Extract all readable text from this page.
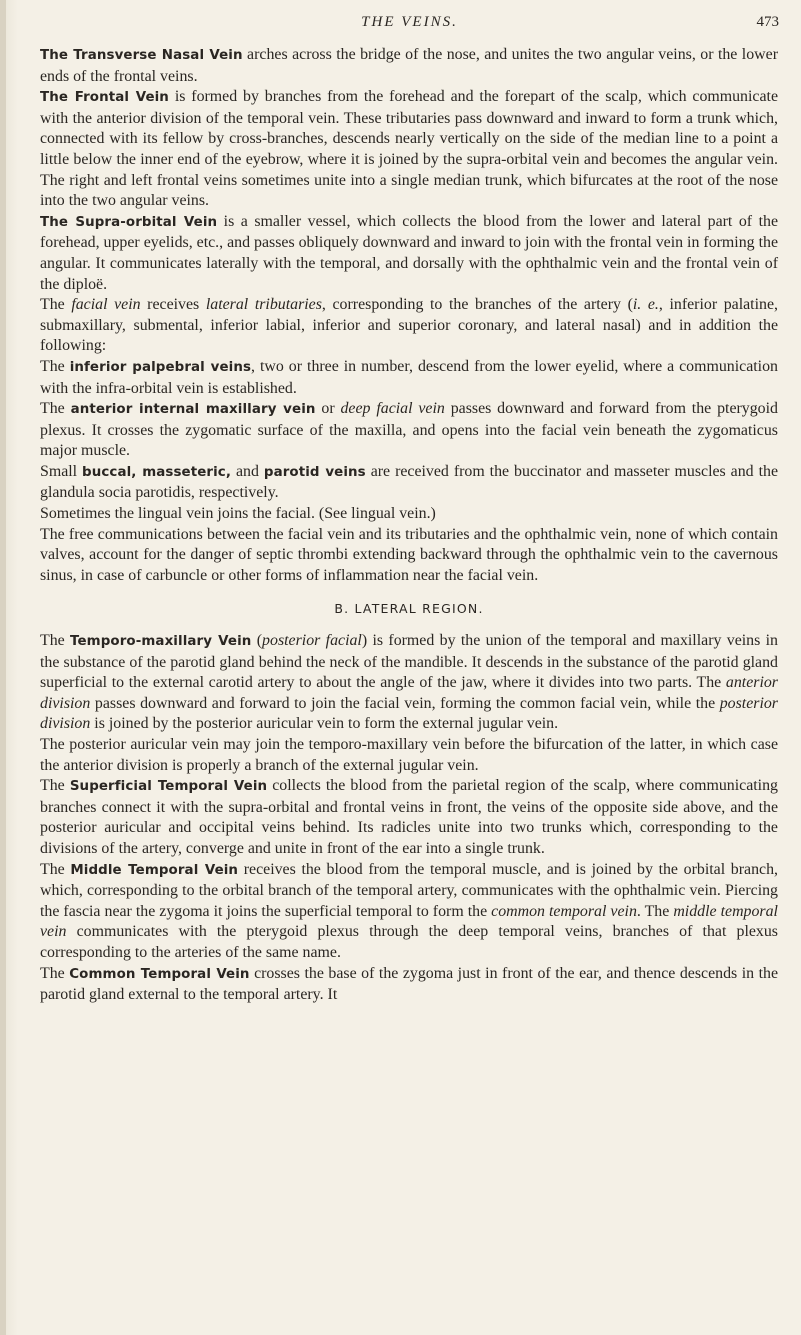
THE VEINS.	473

The Transverse Nasal Vein arches across the bridge of the nose, and unites the two angular veins, or the lower ends of the frontal veins.

The Frontal Vein is formed by branches from the forehead and the forepart of the scalp, which communicate with the anterior division of the temporal vein. These tributaries pass downward and inward to form a trunk which, connected with its fellow by cross-branches, descends nearly vertically on the side of the median line to a point a little below the inner end of the eyebrow, where it is joined by the supra-orbital vein and becomes the angular vein. The right and left frontal veins sometimes unite into a single median trunk, which bifurcates at the root of the nose into the two angular veins.

The Supra-orbital Vein is a smaller vessel, which collects the blood from the lower and lateral part of the forehead, upper eyelids, etc., and passes obliquely downward and inward to join with the frontal vein in forming the angular. It communicates laterally with the temporal, and dorsally with the ophthalmic vein and the frontal vein of the diploë.

The facial vein receives lateral tributaries, corresponding to the branches of the artery (i. e., inferior palatine, submaxillary, submental, inferior labial, inferior and superior coronary, and lateral nasal) and in addition the following:

The inferior palpebral veins, two or three in number, descend from the lower eyelid, where a communication with the infra-orbital vein is established.

The anterior internal maxillary vein or deep facial vein passes downward and forward from the pterygoid plexus. It crosses the zygomatic surface of the maxilla, and opens into the facial vein beneath the zygomaticus major muscle.

Small buccal, masseteric, and parotid veins are received from the buccinator and masseter muscles and the glandula socia parotidis, respectively.

Sometimes the lingual vein joins the facial. (See lingual vein.)

The free communications between the facial vein and its tributaries and the ophthalmic vein, none of which contain valves, account for the danger of septic thrombi extending backward through the ophthalmic vein to the cavernous sinus, in case of carbuncle or other forms of inflammation near the facial vein.

B. LATERAL REGION.

The Temporo-maxillary Vein (posterior facial) is formed by the union of the temporal and maxillary veins in the substance of the parotid gland behind the neck of the mandible. It descends in the substance of the parotid gland superficial to the external carotid artery to about the angle of the jaw, where it divides into two parts. The anterior division passes downward and forward to join the facial vein, forming the common facial vein, while the posterior division is joined by the posterior auricular vein to form the external jugular vein.

The posterior auricular vein may join the temporo-maxillary vein before the bifurcation of the latter, in which case the anterior division is properly a branch of the external jugular vein.

The Superficial Temporal Vein collects the blood from the parietal region of the scalp, where communicating branches connect it with the supra-orbital and frontal veins in front, the veins of the opposite side above, and the posterior auricular and occipital veins behind. Its radicles unite into two trunks which, corresponding to the divisions of the artery, converge and unite in front of the ear into a single trunk.

The Middle Temporal Vein receives the blood from the temporal muscle, and is joined by the orbital branch, which, corresponding to the orbital branch of the temporal artery, communicates with the ophthalmic vein. Piercing the fascia near the zygoma it joins the superficial temporal to form the common temporal vein. The middle temporal vein communicates with the pterygoid plexus through the deep temporal veins, branches of that plexus corresponding to the arteries of the same name.

The Common Temporal Vein crosses the base of the zygoma just in front of the ear, and thence descends in the parotid gland external to the temporal artery. It
